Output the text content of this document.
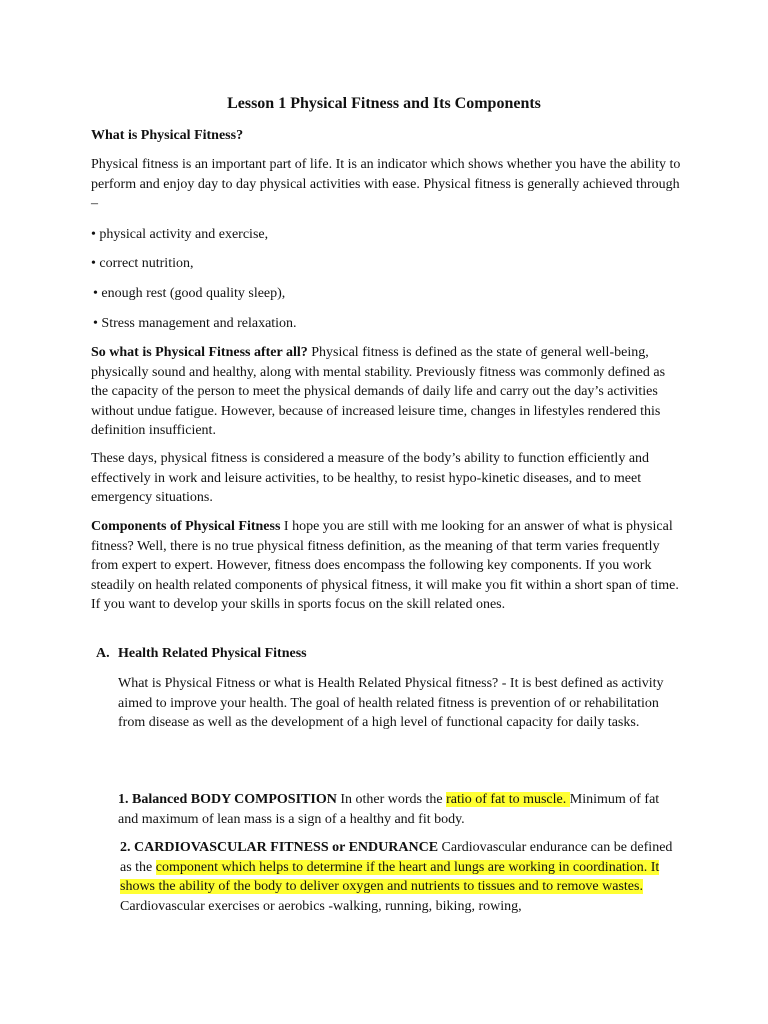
Lesson 1 Physical Fitness and Its Components
What is Physical Fitness?

Physical fitness is an important part of life. It is an indicator which shows whether you have the ability to perform and enjoy day to day physical activities with ease. Physical fitness is generally achieved through –

• physical activity and exercise,
• correct nutrition,
• enough rest (good quality sleep),
• Stress management and relaxation.

So what is Physical Fitness after all? Physical fitness is defined as the state of general well-being, physically sound and healthy, along with mental stability. Previously fitness was commonly defined as the capacity of the person to meet the physical demands of daily life and carry out the day’s activities without undue fatigue. However, because of increased leisure time, changes in lifestyles rendered this definition insufficient.

These days, physical fitness is considered a measure of the body’s ability to function efficiently and effectively in work and leisure activities, to be healthy, to resist hypo-kinetic diseases, and to meet emergency situations.

Components of Physical Fitness I hope you are still with me looking for an answer of what is physical fitness? Well, there is no true physical fitness definition, as the meaning of that term varies frequently from expert to expert. However, fitness does encompass the following key components. If you work steadily on health related components of physical fitness, it will make you fit within a short span of time. If you want to develop your skills in sports focus on the skill related ones.

A. Health Related Physical Fitness

What is Physical Fitness or what is Health Related Physical fitness? - It is best defined as activity aimed to improve your health. The goal of health related fitness is prevention of or rehabilitation from disease as well as the development of a high level of functional capacity for daily tasks.

1. Balanced BODY COMPOSITION In other words the ratio of fat to muscle. Minimum of fat and maximum of lean mass is a sign of a healthy and fit body.

2. CARDIOVASCULAR FITNESS or ENDURANCE Cardiovascular endurance can be defined as the component which helps to determine if the heart and lungs are working in coordination. It shows the ability of the body to deliver oxygen and nutrients to tissues and to remove wastes. Cardiovascular exercises or aerobics -walking, running, biking, rowing,
